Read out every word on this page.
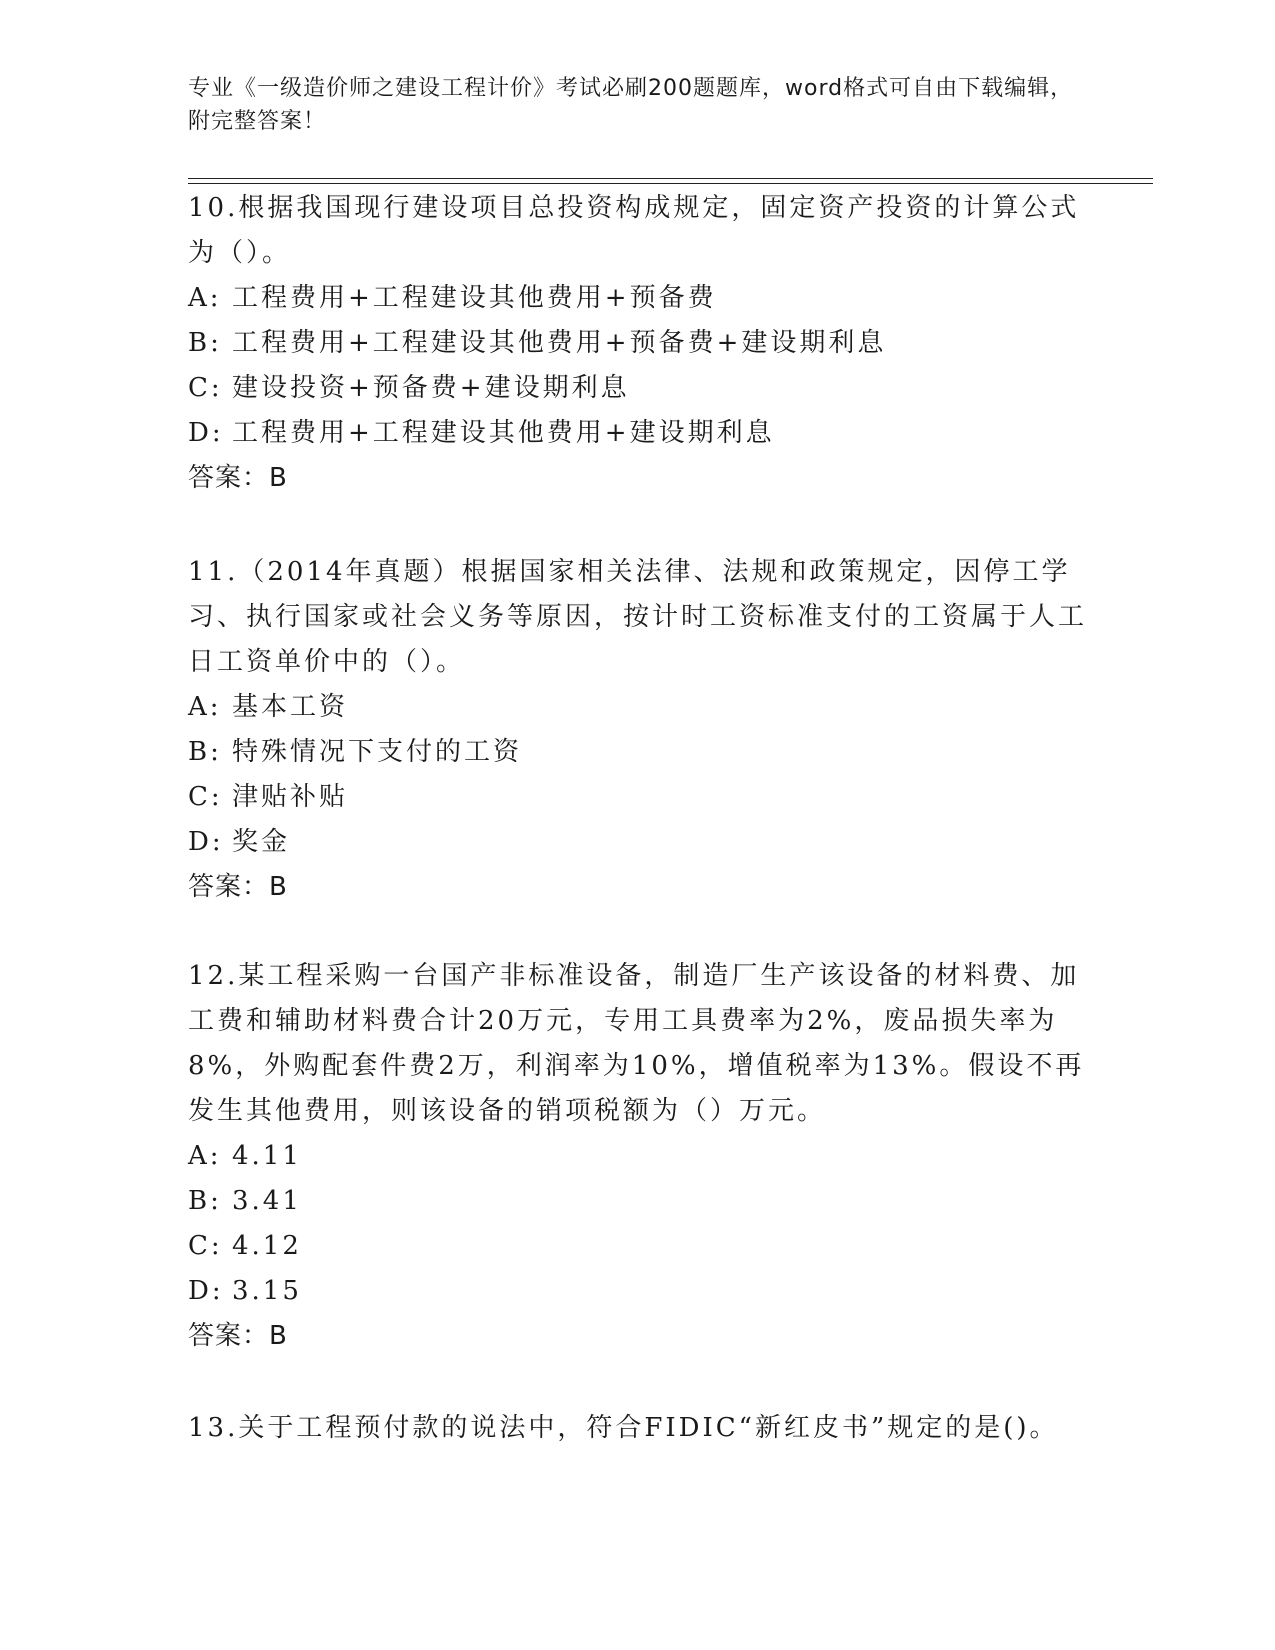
专业《一级造价师之建设工程计价》考试必刷200题题库，word格式可自由下载编辑，附完整答案！

10.根据我国现行建设项目总投资构成规定，固定资产投资的计算公式为（）。

A: 工程费用+工程建设其他费用+预备费

B: 工程费用+工程建设其他费用+预备费+建设期利息

C: 建设投资+预备费+建设期利息

D: 工程费用+工程建设其他费用+建设期利息

答案：B

11.（2014年真题）根据国家相关法律、法规和政策规定，因停工学习、执行国家或社会义务等原因，按计时工资标准支付的工资属于人工日工资单价中的（）。

A: 基本工资

B: 特殊情况下支付的工资

C: 津贴补贴

D: 奖金

答案：B

12.某工程采购一台国产非标准设备，制造厂生产该设备的材料费、加工费和辅助材料费合计20万元，专用工具费率为2%，废品损失率为8%，外购配套件费2万，利润率为10%，增值税率为13%。假设不再发生其他费用，则该设备的销项税额为（）万元。

A: 4.11

B: 3.41

C: 4.12

D: 3.15

答案：B

13.关于工程预付款的说法中，符合FIDIC“新红皮书”规定的是()。
